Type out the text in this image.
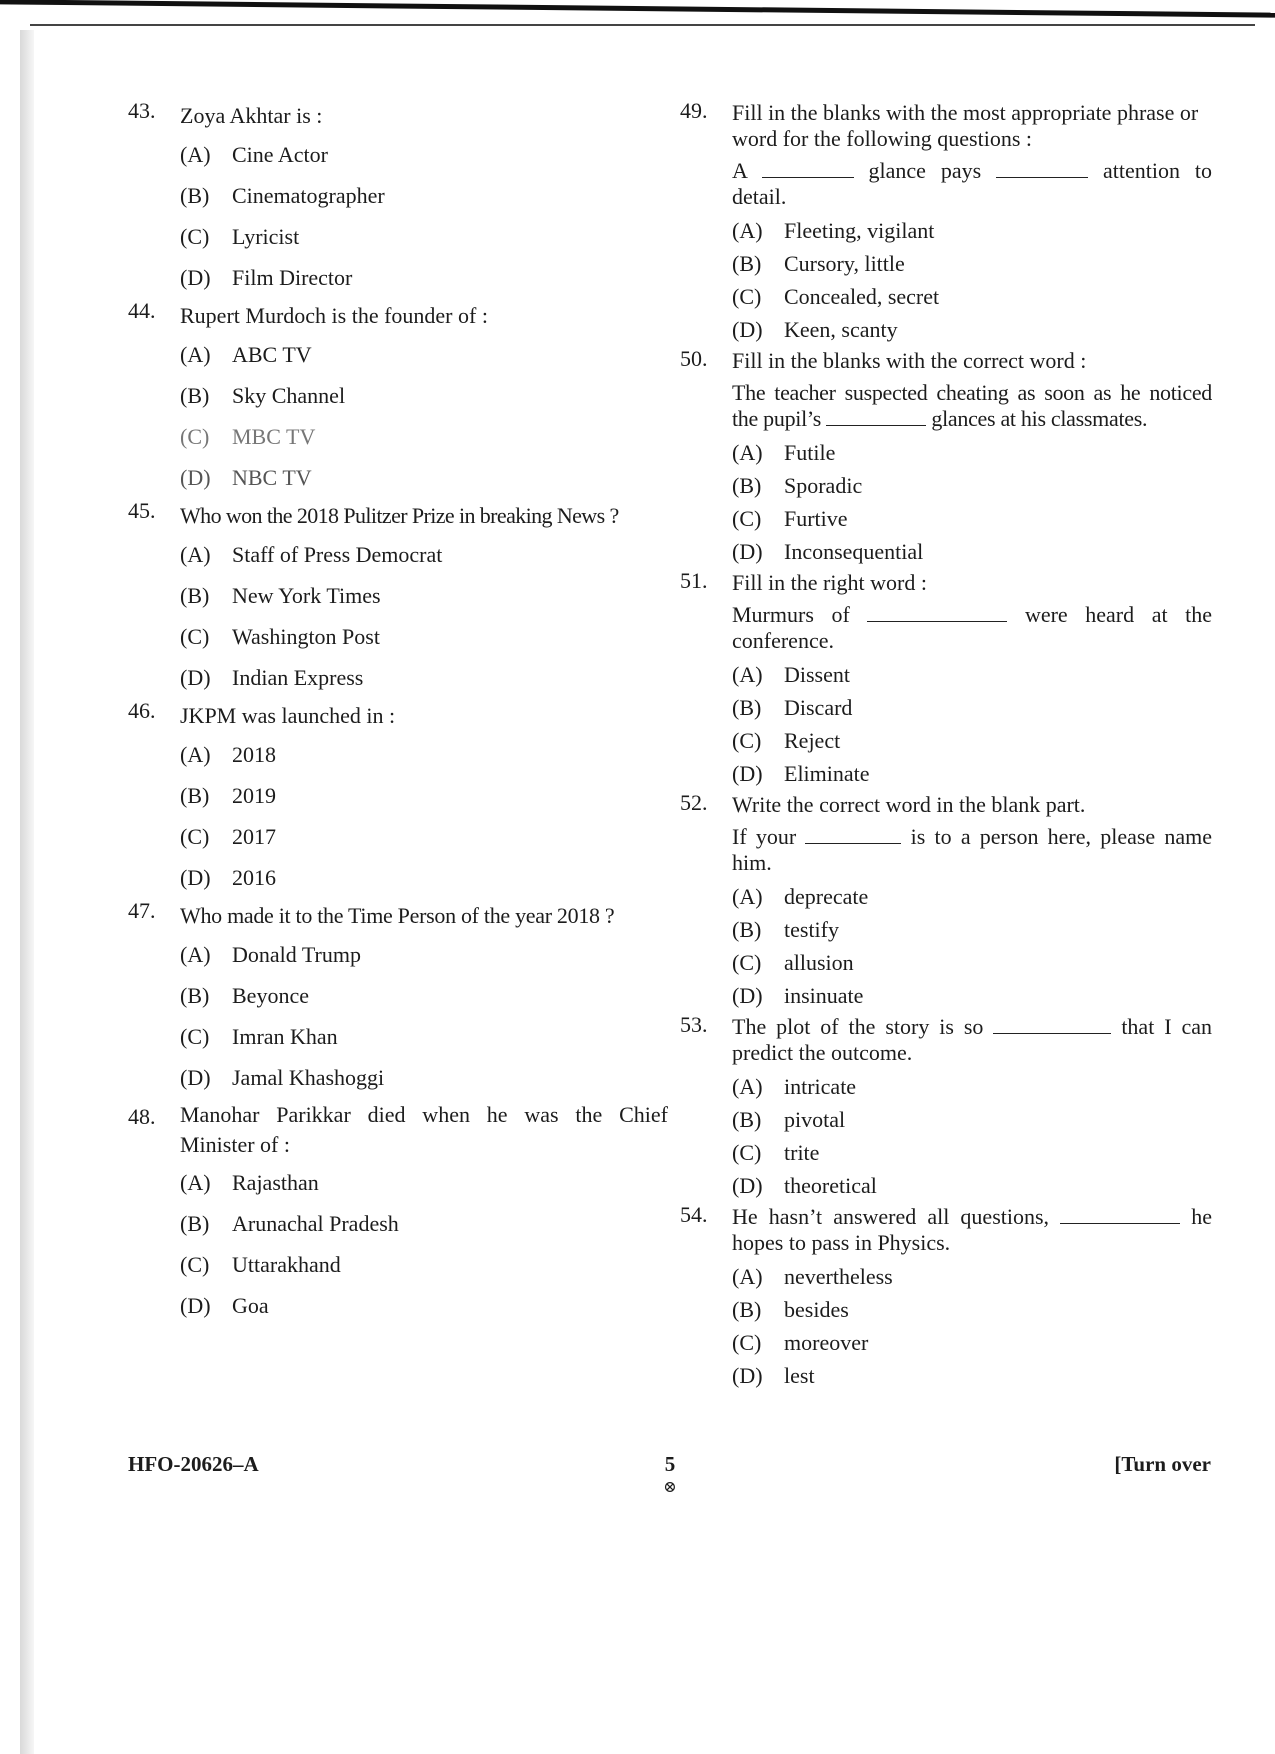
43. Zoya Akhtar is :

(A) Cine Actor
(B)	Cinematographer
(C)	Lyricist
(D) Film Director
44. Rupert Murdoch is the founder of :

(A) ABC TV
(B)	Sky Channel
(C)	MBC TV
(D) NBC TV
45. Who won the 2018 Pulitzer Prize in breaking News ?

(A) Staff of Press Democrat
(B)	New York Times
(C)	Washington Post
(D) Indian Express
46. JKPM was launched in :

(A) 2018
(B)	2019
(C)	2017
(D) 2016
47. Who made it to the Time Person of the year 2018 ?

(A) Donald Trump
(B)	Beyonce
(C)	Imran Khan
(D) Jamal Khashoggi
48. Manohar Parikkar died when he was the Chief Minister of :

(A) Rajasthan
(B)	Arunachal Pradesh
(C)	Uttarakhand
(D) Goa
49. Fill in the blanks with the most appropriate phrase or word for the following questions :

A	glance pays	attention to detail.

(A) Fleeting, vigilant
(B)	Cursory, little
(C)	Concealed, secret
(D) Keen, scanty
50. Fill in the blanks with the correct word :

The teacher suspected cheating as soon as he noticed the pupil’s	glances at his classmates.

(A) Futile
(B)	Sporadic
(C)	Furtive
(D) Inconsequential
51. Fill in the right word :

Murmurs of	were heard at the conference.

(A) Dissent
(B)	Discard
(C)	Reject
(D) Eliminate
52. Write the correct word in the blank part.

If your	is to a person here, please name him.

(A) deprecate
(B)	testify
(C)	allusion
(D) insinuate
53. The plot of the story is so	that I can predict the outcome.

(A) intricate
(B)	pivotal
(C)	trite
(D) theoretical
54. He hasn’t answered all questions,	he hopes to pass in Physics.

(A) nevertheless
(B)	besides
(C)	moreover
(D) lest
HFO-20626–A	5
⊗
[Turn over
